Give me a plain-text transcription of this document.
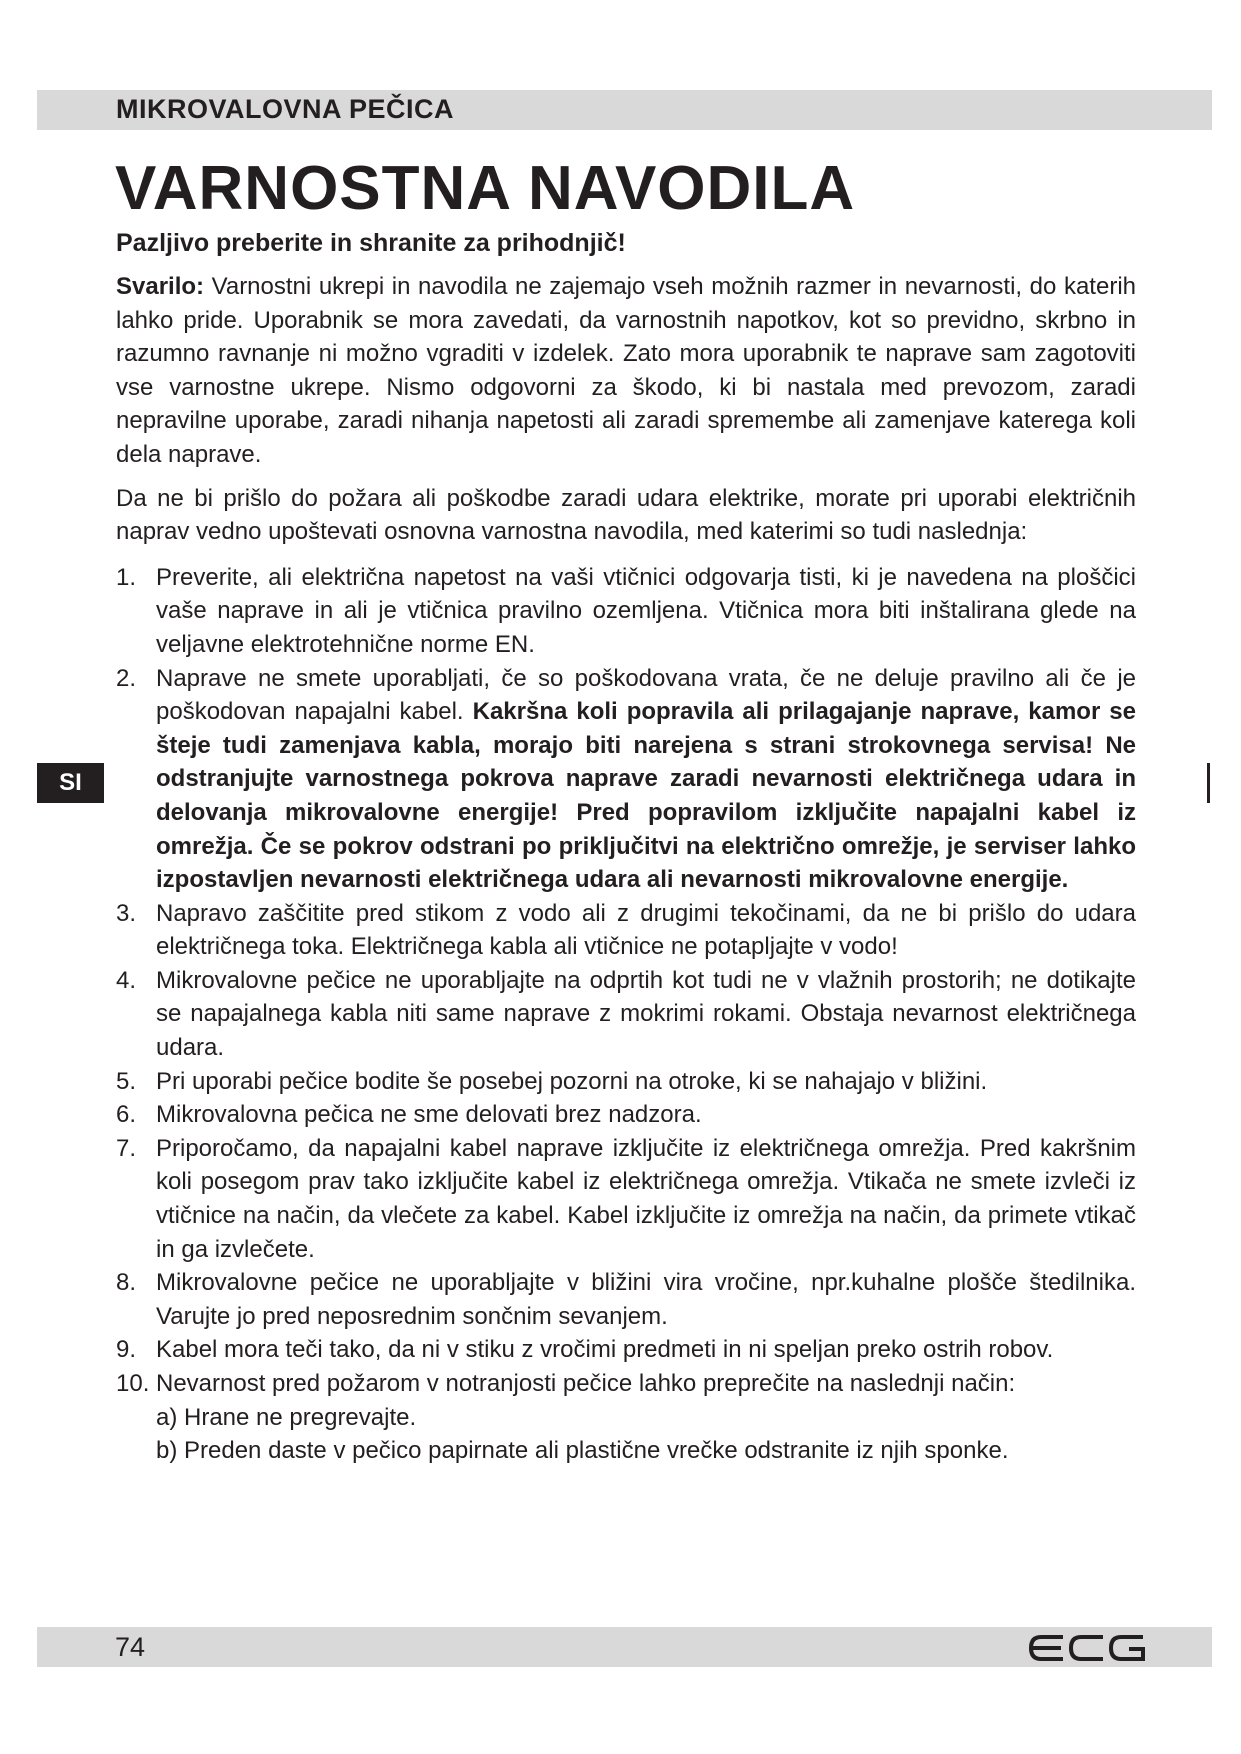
MIKROVALOVNA PEČICA
VARNOSTNA NAVODILA

Pazljivo preberite in shranite za prihodnjič!

Svarilo: Varnostni ukrepi in navodila ne zajemajo vseh možnih razmer in nevarnosti, do katerih lahko pride. Uporabnik se mora zavedati, da varnostnih napotkov, kot so previdno, skrbno in razumno ravnanje ni možno vgraditi v izdelek. Zato mora uporabnik te naprave sam zagotoviti vse varnostne ukrepe. Nismo odgovorni za škodo, ki bi nastala med prevozom, zaradi nepravilne uporabe, zaradi nihanja napetosti ali zaradi spremembe ali zamenjave katerega koli dela naprave.

Da ne bi prišlo do požara ali poškodbe zaradi udara elektrike, morate pri uporabi električnih naprav vedno upoštevati osnovna varnostna navodila, med katerimi so tudi naslednja:

1. Preverite, ali električna napetost na vaši vtičnici odgovarja tisti, ki je navedena na ploščici vaše naprave in ali je vtičnica pravilno ozemljena. Vtičnica mora biti inštalirana glede na veljavne elektrotehnične norme EN.
2. Naprave ne smete uporabljati, če so poškodovana vrata, če ne deluje pravilno ali če je poškodovan napajalni kabel. Kakršna koli popravila ali prilagajanje naprave, kamor se šteje tudi zamenjava kabla, morajo biti narejena s strani strokovnega servisa! Ne odstranjujte varnostnega pokrova naprave zaradi nevarnosti električnega udara in delovanja mikrovalovne energije! Pred popravilom izključite napajalni kabel iz omrežja. Če se pokrov odstrani po priključitvi na električno omrežje, je serviser lahko izpostavljen nevarnosti električnega udara ali nevarnosti mikrovalovne energije.
3. Napravo zaščitite pred stikom z vodo ali z drugimi tekočinami, da ne bi prišlo do udara električnega toka. Električnega kabla ali vtičnice ne potapljajte v vodo!
4. Mikrovalovne pečice ne uporabljajte na odprtih kot tudi ne v vlažnih prostorih; ne dotikajte se napajalnega kabla niti same naprave z mokrimi rokami. Obstaja nevarnost električnega udara.
5. Pri uporabi pečice bodite še posebej pozorni na otroke, ki se nahajajo v bližini.
6. Mikrovalovna pečica ne sme delovati brez nadzora.
7. Priporočamo, da napajalni kabel naprave izključite iz električnega omrežja. Pred kakršnim koli posegom prav tako izključite kabel iz električnega omrežja. Vtikača ne smete izvleči iz vtičnice na način, da vlečete za kabel. Kabel izključite iz omrežja na način, da primete vtikač in ga izvlečete.
8. Mikrovalovne pečice ne uporabljajte v bližini vira vročine, npr.kuhalne plošče štedilnika. Varujte jo pred neposrednim sončnim sevanjem.
9. Kabel mora teči tako, da ni v stiku z vročimi predmeti in ni speljan preko ostrih robov.
10. Nevarnost pred požarom v notranjosti pečice lahko preprečite na naslednji način:
a) Hrane ne pregrevajte.
b) Preden daste v pečico papirnate ali plastične vrečke odstranite iz njih sponke.
SI
74
